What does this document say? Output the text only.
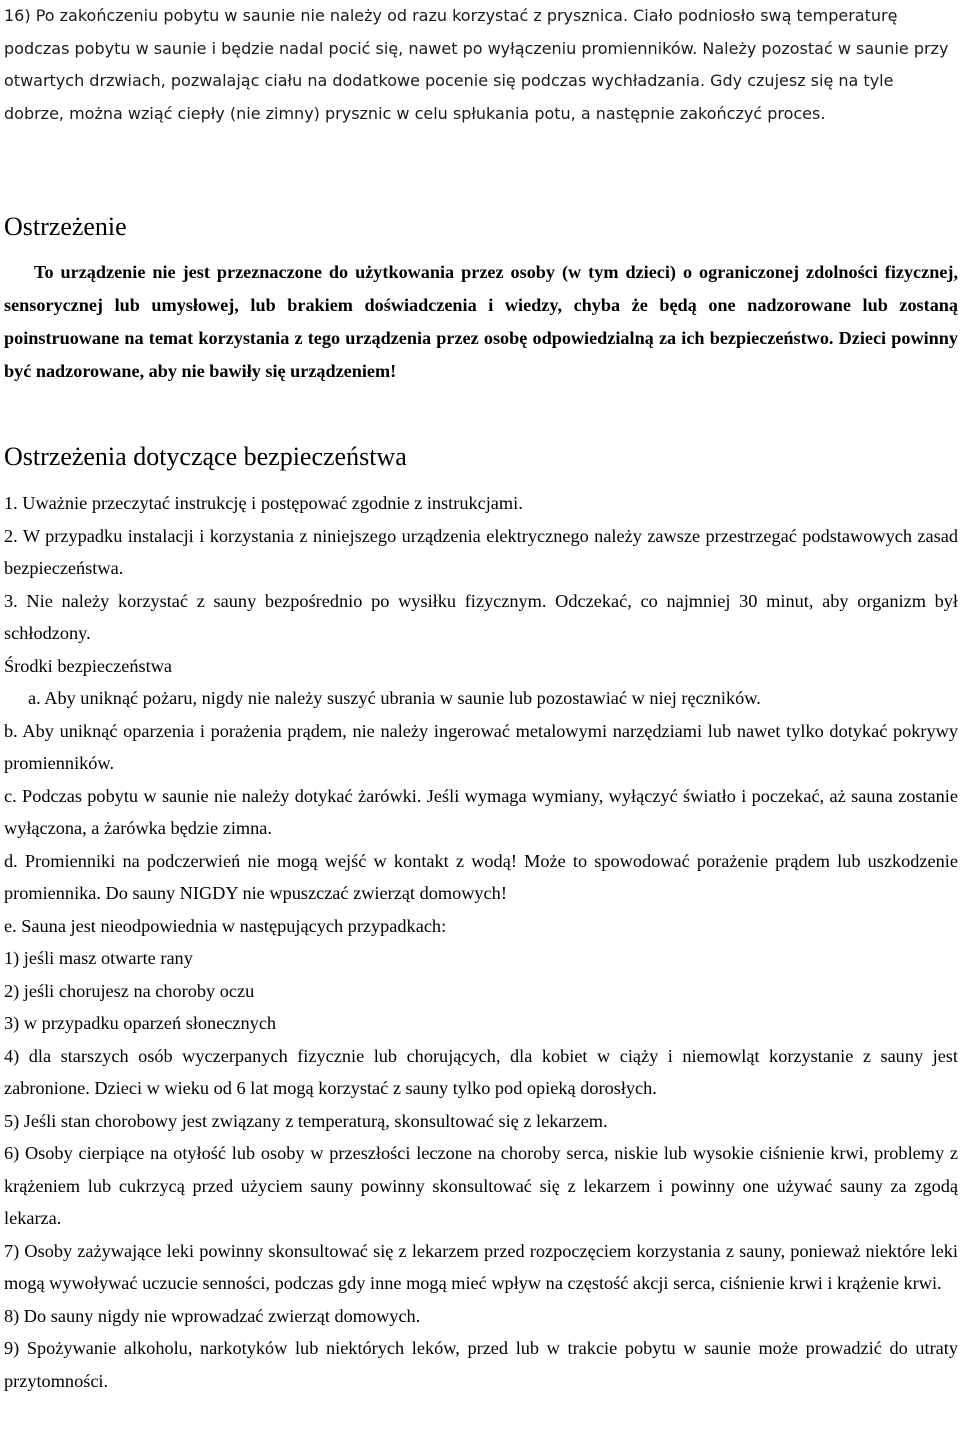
16) Po zakończeniu pobytu w saunie nie należy od razu korzystać z prysznica. Ciało podniosło swą temperaturę podczas pobytu w saunie i będzie nadal pocić się, nawet po wyłączeniu promienników. Należy pozostać w saunie przy otwartych drzwiach, pozwalając ciału na dodatkowe pocenie się podczas wychładzania. Gdy czujesz się na tyle dobrze, można wziąć ciepły (nie zimny) prysznic w celu spłukania potu, a następnie zakończyć proces.

Ostrzeżenie

To urządzenie nie jest przeznaczone do użytkowania przez osoby (w tym dzieci) o ograniczonej zdolności fizycznej, sensorycznej lub umysłowej, lub brakiem doświadczenia i wiedzy, chyba że będą one nadzorowane lub zostaną poinstruowane na temat korzystania z tego urządzenia przez osobę odpowiedzialną za ich bezpieczeństwo. Dzieci powinny być nadzorowane, aby nie bawiły się urządzeniem!

Ostrzeżenia dotyczące bezpieczeństwa

1. Uważnie przeczytać instrukcję i postępować zgodnie z instrukcjami.

2. W przypadku instalacji i korzystania z niniejszego urządzenia elektrycznego należy zawsze przestrzegać podstawowych zasad bezpieczeństwa.

3. Nie należy korzystać z sauny bezpośrednio po wysiłku fizycznym. Odczekać, co najmniej 30 minut, aby organizm był schłodzony.

Środki bezpieczeństwa

a. Aby uniknąć pożaru, nigdy nie należy suszyć ubrania w saunie lub pozostawiać w niej ręczników.

b. Aby uniknąć oparzenia i porażenia prądem, nie należy ingerować metalowymi narzędziami lub nawet tylko dotykać pokrywy promienników.

c. Podczas pobytu w saunie nie należy dotykać żarówki. Jeśli wymaga wymiany, wyłączyć światło i poczekać, aż sauna zostanie wyłączona, a żarówka będzie zimna.

d. Promienniki na podczerwień nie mogą wejść w kontakt z wodą! Może to spowodować porażenie prądem lub uszkodzenie promiennika. Do sauny NIGDY nie wpuszczać zwierząt domowych!

e. Sauna jest nieodpowiednia w następujących przypadkach:

1) jeśli masz otwarte rany

2) jeśli chorujesz na choroby oczu

3) w przypadku oparzeń słonecznych

4) dla starszych osób wyczerpanych fizycznie lub chorujących, dla kobiet w ciąży i niemowląt korzystanie z sauny jest zabronione. Dzieci w wieku od 6 lat mogą korzystać z sauny tylko pod opieką dorosłych.

5) Jeśli stan chorobowy jest związany z temperaturą, skonsultować się z lekarzem.

6) Osoby cierpiące na otyłość lub osoby w przeszłości leczone na choroby serca, niskie lub wysokie ciśnienie krwi, problemy z krążeniem lub cukrzycą przed użyciem sauny powinny skonsultować się z lekarzem i powinny one używać sauny za zgodą lekarza.

7) Osoby zażywające leki powinny skonsultować się z lekarzem przed rozpoczęciem korzystania z sauny, ponieważ niektóre leki mogą wywoływać uczucie senności, podczas gdy inne mogą mieć wpływ na częstość akcji serca, ciśnienie krwi i krążenie krwi.

8) Do sauny nigdy nie wprowadzać zwierząt domowych.

9) Spożywanie alkoholu, narkotyków lub niektórych leków, przed lub w trakcie pobytu w saunie może prowadzić do utraty przytomności.
